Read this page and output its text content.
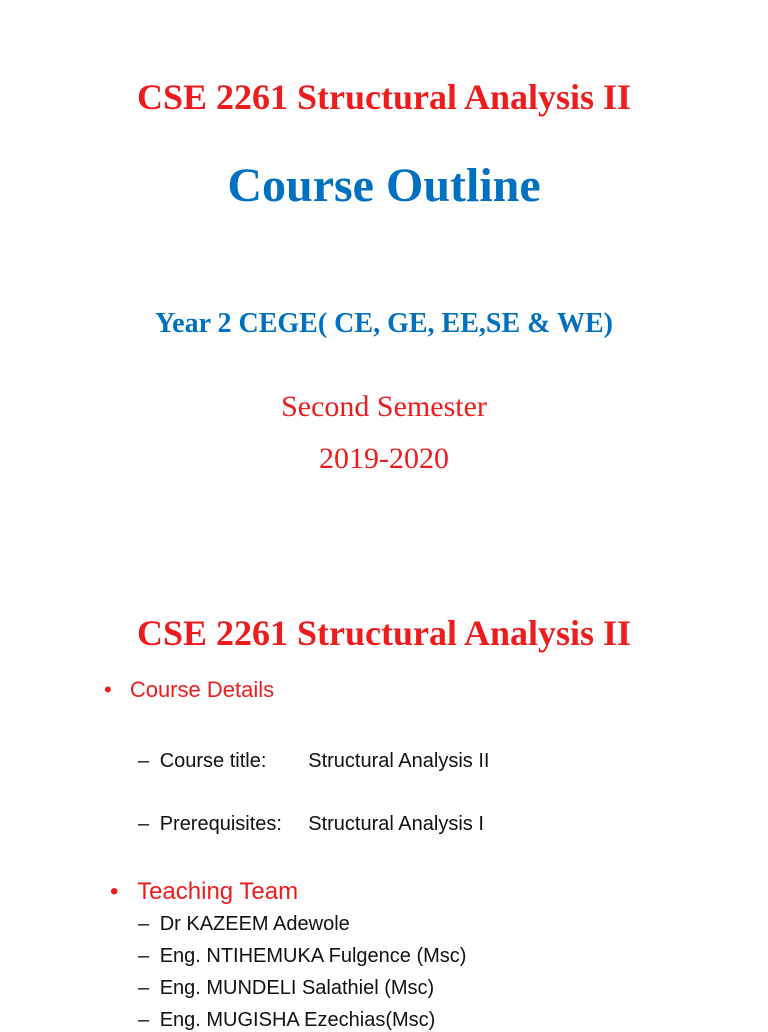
CSE 2261 Structural Analysis II
Course Outline
Year 2 CEGE( CE, GE, EE,SE & WE)
Second Semester
2019-2020
CSE 2261 Structural Analysis II
• Course Details
– Course title: Structural Analysis II
– Prerequisites: Structural Analysis I
• Teaching Team
– Dr KAZEEM Adewole
– Eng. NTIHEMUKA Fulgence (Msc)
– Eng. MUNDELI Salathiel (Msc)
– Eng. MUGISHA Ezechias(Msc)
